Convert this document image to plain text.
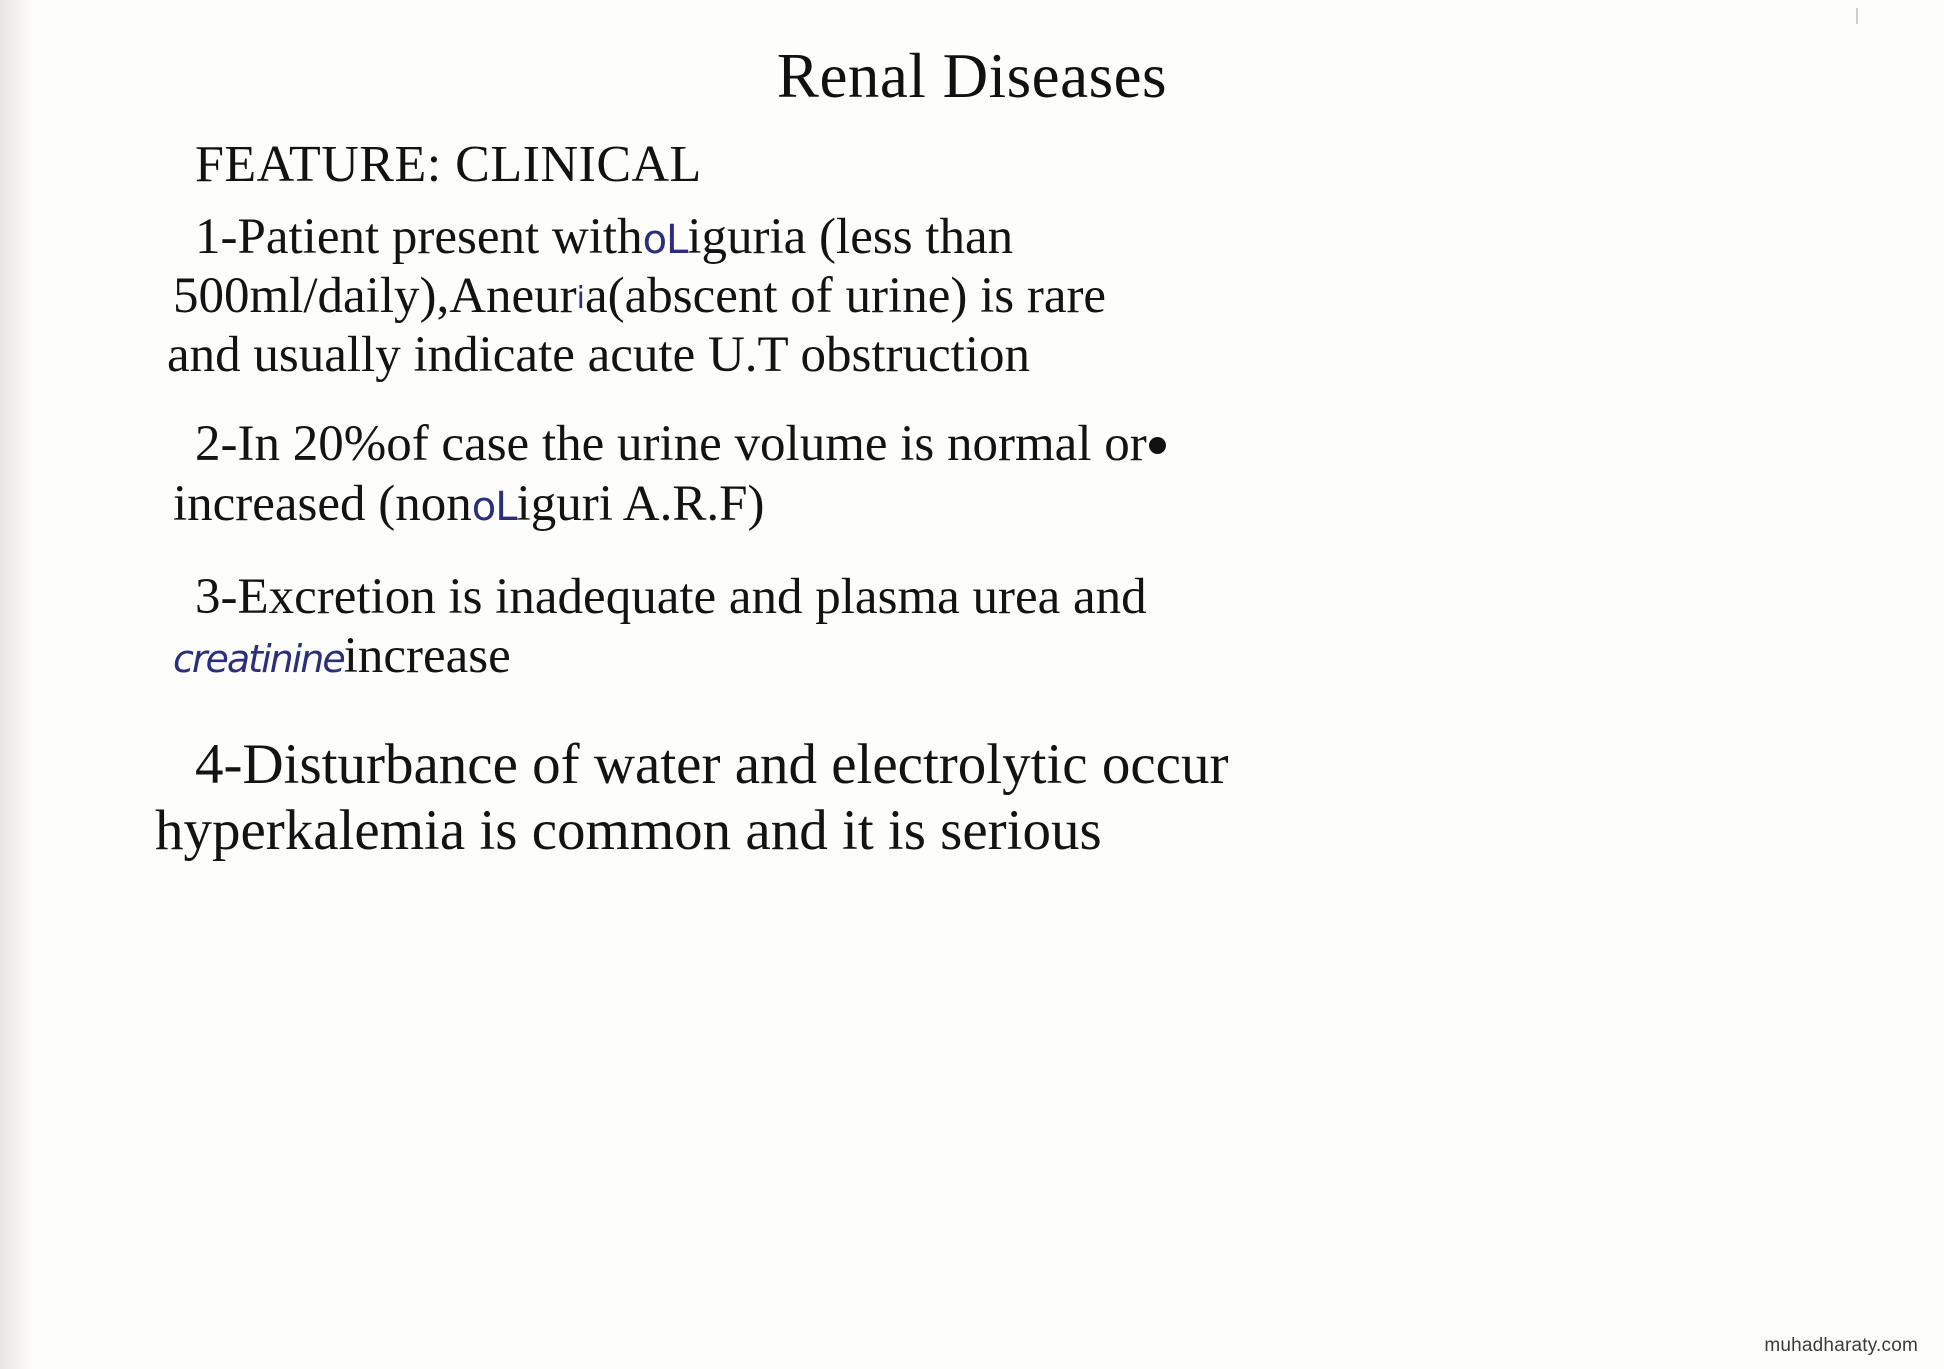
Renal Diseases
FEATURE: CLINICAL
1-Patient present withoLiguria (less than
500ml/daily),Aneuria(abscent of urine) is rare
and usually indicate acute U.T obstruction
2-In 20%of case the urine volume is normal or
increased (nonoLiguri A.R.F)
3-Excretion is inadequate and plasma urea and
creatinineincrease
4-Disturbance of water and electrolytic occur
hyperkalemia is common and it is serious
muhadharaty.com
